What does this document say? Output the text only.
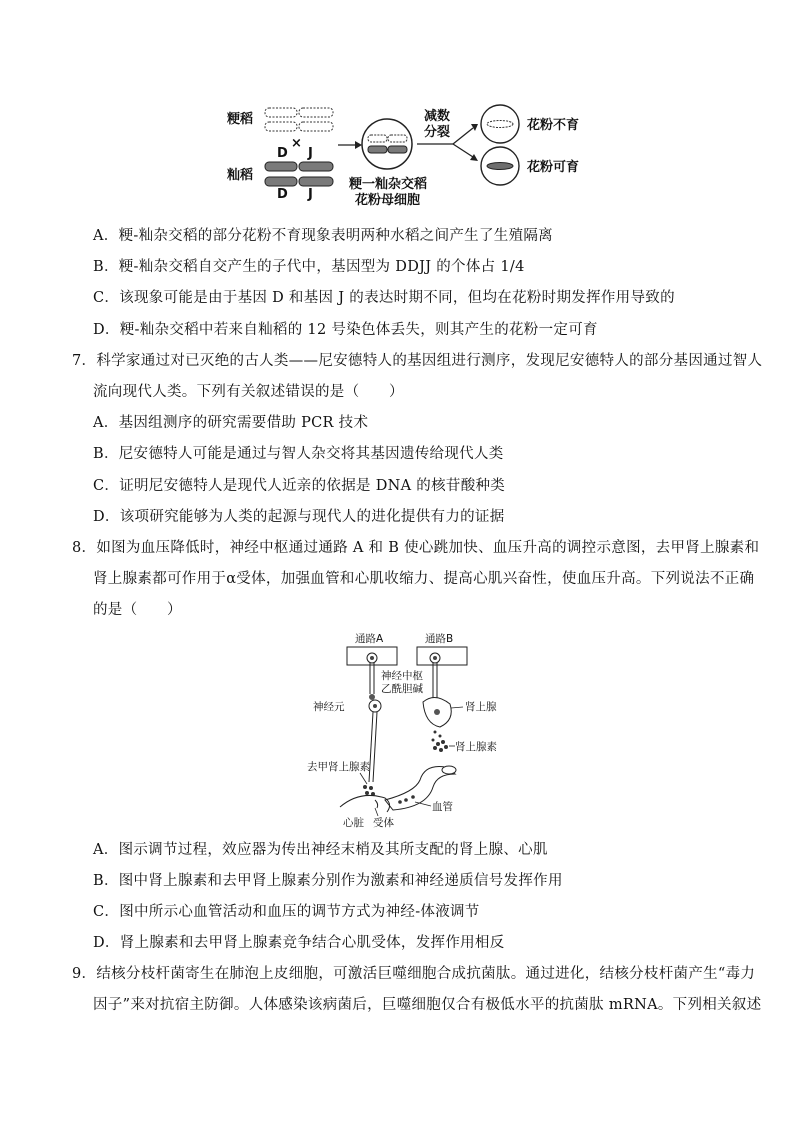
粳稻
×
D J
籼稻
D J
粳一籼杂交稻
花粉母细胞
减数
分裂	花粉不育
花粉可育
A．粳-籼杂交稻的部分花粉不育现象表明两种水稻之间产生了生殖隔离
B．粳-籼杂交稻自交产生的子代中，基因型为 DDJJ 的个体占 1/4
C．该现象可能是由于基因 D 和基因 J 的表达时期不同，但均在花粉时期发挥作用导致的
D．粳-籼杂交稻中若来自籼稻的 12 号染色体丢失，则其产生的花粉一定可育
7．科学家通过对已灭绝的古人类——尼安德特人的基因组进行测序，发现尼安德特人的部分基因通过智人
流向现代人类。下列有关叙述错误的是（　　）
A．基因组测序的研究需要借助 PCR 技术
B．尼安德特人可能是通过与智人杂交将其基因遗传给现代人类
C．证明尼安德特人是现代人近亲的依据是 DNA 的核苷酸种类
D．该项研究能够为人类的起源与现代人的进化提供有力的证据
8．如图为血压降低时，神经中枢通过通路 A 和 B 使心跳加快、血压升高的调控示意图，去甲肾上腺素和
肾上腺素都可作用于α受体，加强血管和心肌收缩力、提高心肌兴奋性，使血压升高。下列说法不正确
的是（　　）
通路A	通路B
神经中枢
乙酰胆碱
神经元	肾上腺
肾上腺素
血管
去甲肾上腺素
心脏 受体
A．图示调节过程，效应器为传出神经末梢及其所支配的肾上腺、心肌
B．图中肾上腺素和去甲肾上腺素分别作为激素和神经递质信号发挥作用
C．图中所示心血管活动和血压的调节方式为神经-体液调节
D．肾上腺素和去甲肾上腺素竞争结合心肌受体，发挥作用相反
9．结核分枝杆菌寄生在肺泡上皮细胞，可激活巨噬细胞合成抗菌肽。通过进化，结核分枝杆菌产生“毒力
因子”来对抗宿主防御。人体感染该病菌后，巨噬细胞仅合有极低水平的抗菌肽 mRNA。下列相关叙述
